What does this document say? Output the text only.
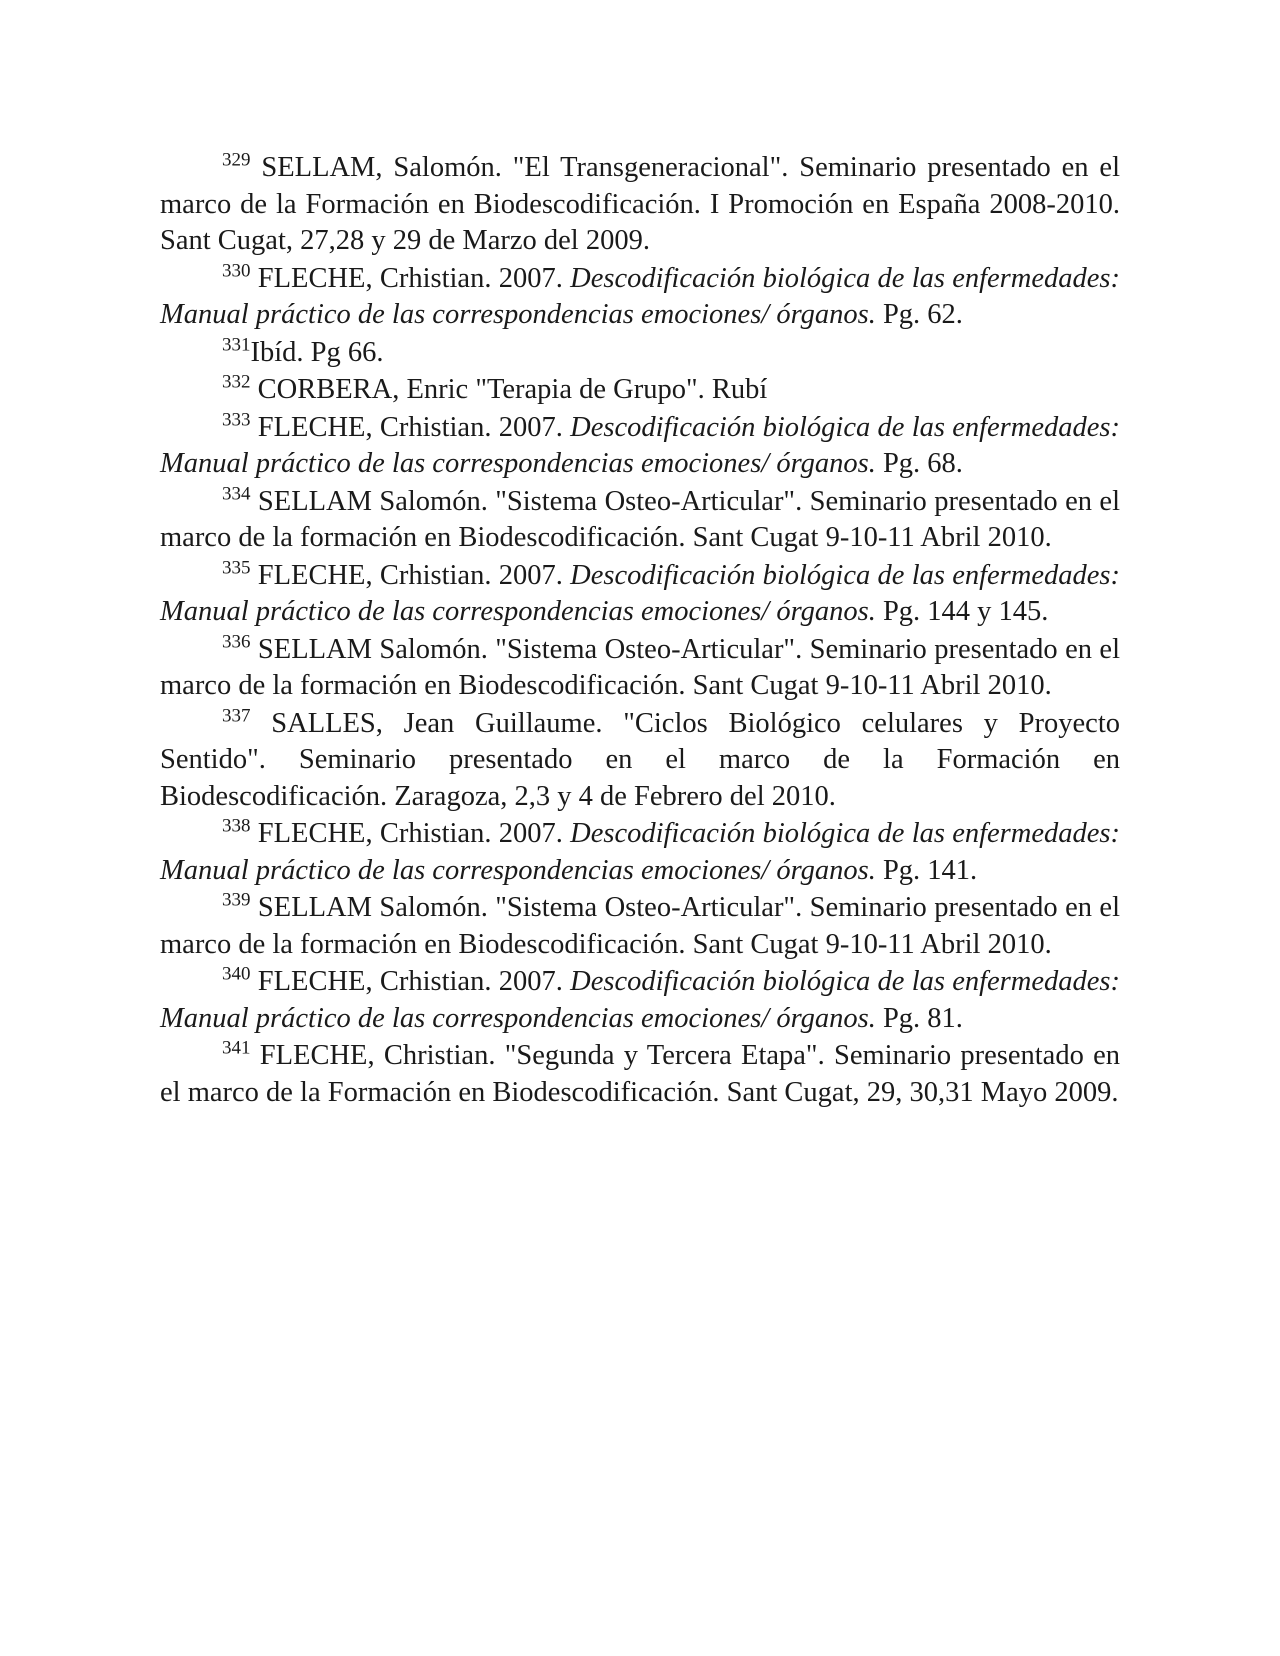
$^{329}$ SELLAM, Salomón. "El Transgeneracional". Seminario presentado en el marco de la Formación en Biodescodificación. I Promoción en España 2008-2010. Sant Cugat, 27,28 y 29 de Marzo del 2009.

$^{330}$ FLECHE, Crhistian. 2007. Descodificación biológica de las enfermedades: Manual práctico de las correspondencias emociones/ órganos. Pg. 62.

$^{331}$Ibíd. Pg 66.

$^{332}$ CORBERA, Enric "Terapia de Grupo". Rubí

$^{333}$ FLECHE, Crhistian. 2007. Descodificación biológica de las enfermedades: Manual práctico de las correspondencias emociones/ órganos. Pg. 68.

$^{334}$ SELLAM Salomón. "Sistema Osteo-Articular". Seminario presentado en el marco de la formación en Biodescodificación. Sant Cugat 9-10-11 Abril 2010.

$^{335}$ FLECHE, Crhistian. 2007. Descodificación biológica de las enfermedades: Manual práctico de las correspondencias emociones/ órganos. Pg. 144 y 145.

$^{336}$ SELLAM Salomón. "Sistema Osteo-Articular". Seminario presentado en el marco de la formación en Biodescodificación. Sant Cugat 9-10-11 Abril 2010.

$^{337}$ SALLES, Jean Guillaume. "Ciclos Biológico celulares y Proyecto Sentido". Seminario presentado en el marco de la Formación en Biodescodificación. Zaragoza, 2,3 y 4 de Febrero del 2010.

$^{338}$ FLECHE, Crhistian. 2007. Descodificación biológica de las enfermedades: Manual práctico de las correspondencias emociones/ órganos. Pg. 141.

$^{339}$ SELLAM Salomón. "Sistema Osteo-Articular". Seminario presentado en el marco de la formación en Biodescodificación. Sant Cugat 9-10-11 Abril 2010.

$^{340}$ FLECHE, Crhistian. 2007. Descodificación biológica de las enfermedades: Manual práctico de las correspondencias emociones/ órganos. Pg. 81.

$^{341}$ FLECHE, Christian. "Segunda y Tercera Etapa". Seminario presentado en el marco de la Formación en Biodescodificación. Sant Cugat, 29, 30,31 Mayo 2009.
